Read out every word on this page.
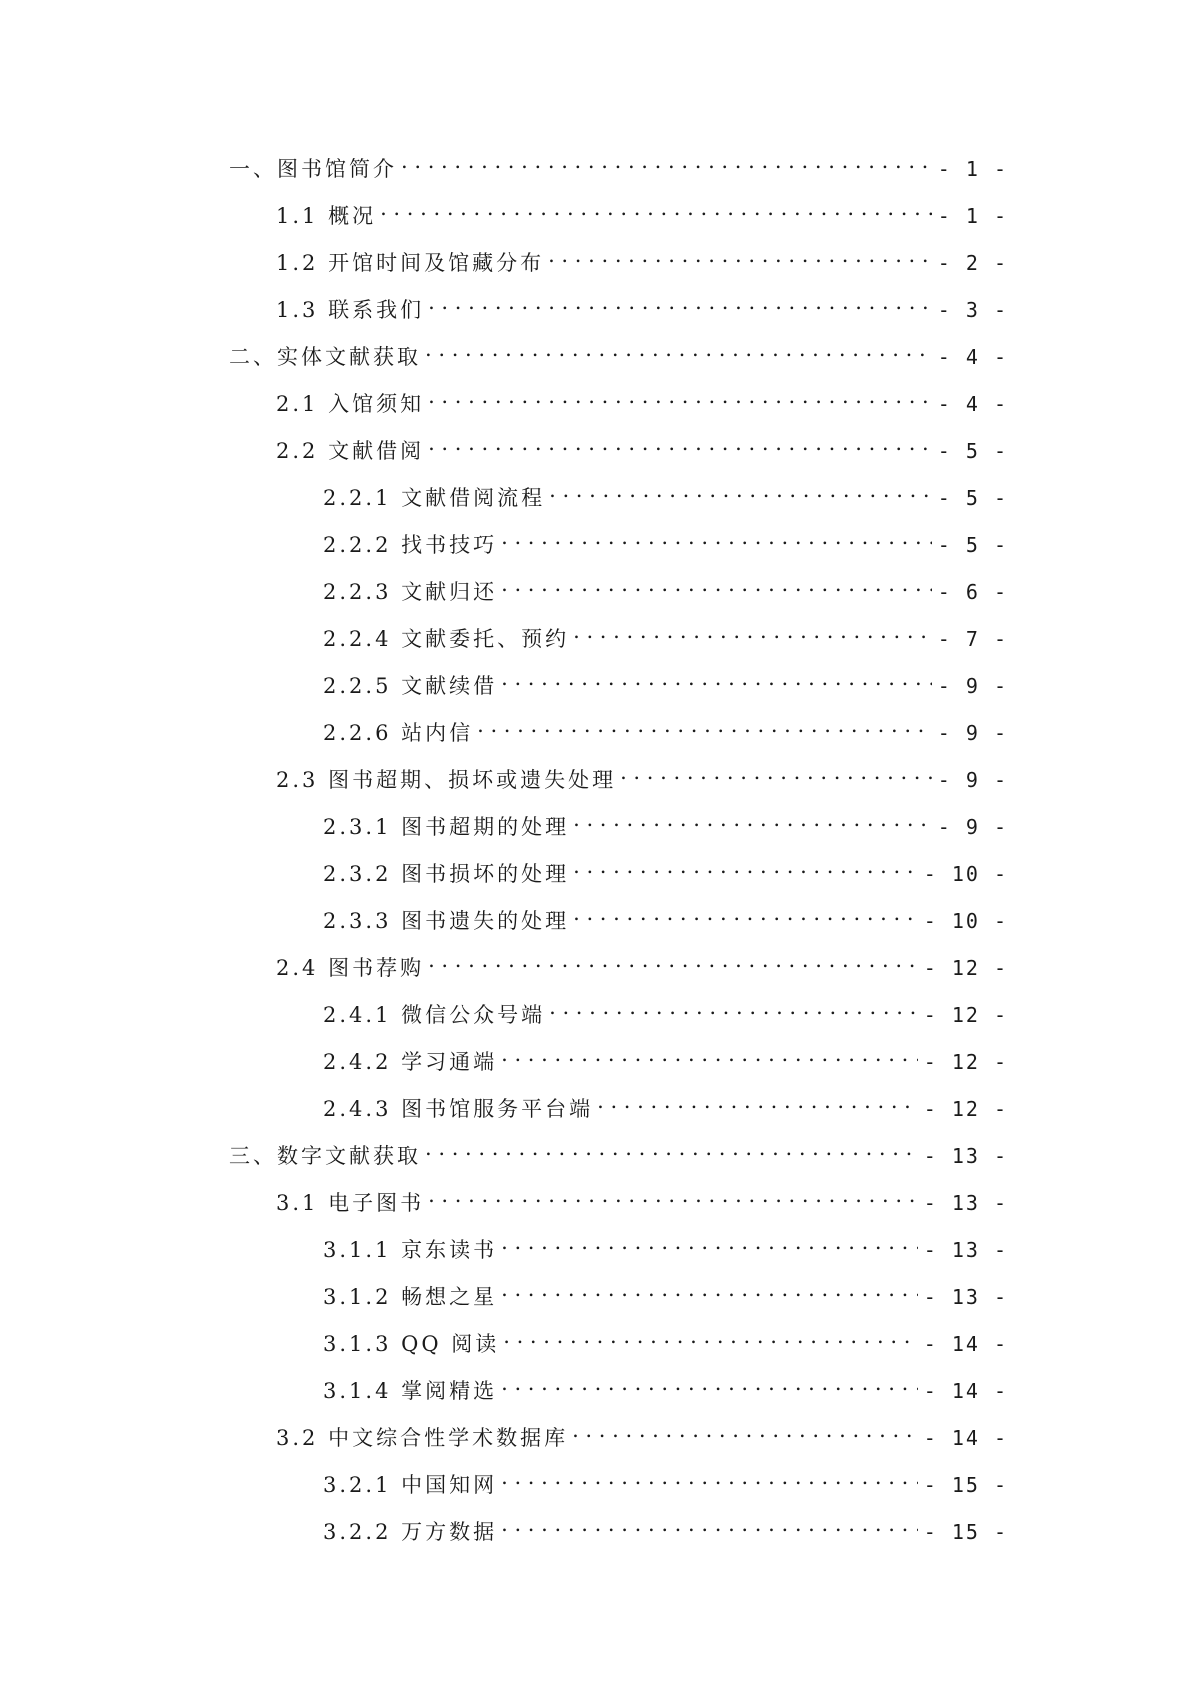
一、图书馆简介 . . .	- 1 -
1.1 概况 . . .	- 1 -
1.2 开馆时间及馆藏分布 . . .	- 2 -
1.3 联系我们 . . .	- 3 -
二、实体文献获取 . . .	- 4 -
2.1 入馆须知 . . .	- 4 -
2.2 文献借阅 . . .	- 5 -
2.2.1 文献借阅流程 . . .	- 5 -
2.2.2 找书技巧 . . .	- 5 -
2.2.3 文献归还 . . .	- 6 -
2.2.4 文献委托、预约 . . .	- 7 -
2.2.5 文献续借 . . .	- 9 -
2.2.6 站内信 . . .	- 9 -
2.3 图书超期、损坏或遗失处理 . . .	- 9 -
2.3.1 图书超期的处理 . . .	- 9 -
2.3.2 图书损坏的处理 . . .	- 10 -
2.3.3 图书遗失的处理 . . .	- 10 -
2.4 图书荐购 . . .	- 12 -
2.4.1 微信公众号端 . . .	- 12 -
2.4.2 学习通端 . . .	- 12 -
2.4.3 图书馆服务平台端 . . .	- 12 -
三、数字文献获取 . . .	- 13 -
3.1 电子图书 . . .	- 13 -
3.1.1 京东读书 . . .	- 13 -
3.1.2 畅想之星 . . .	- 13 -
3.1.3 QQ 阅读 . . .	- 14 -
3.1.4 掌阅精选 . . .	- 14 -
3.2 中文综合性学术数据库 . . .	- 14 -
3.2.1 中国知网 . . .	- 15 -
3.2.2 万方数据 . . .	- 15 -
